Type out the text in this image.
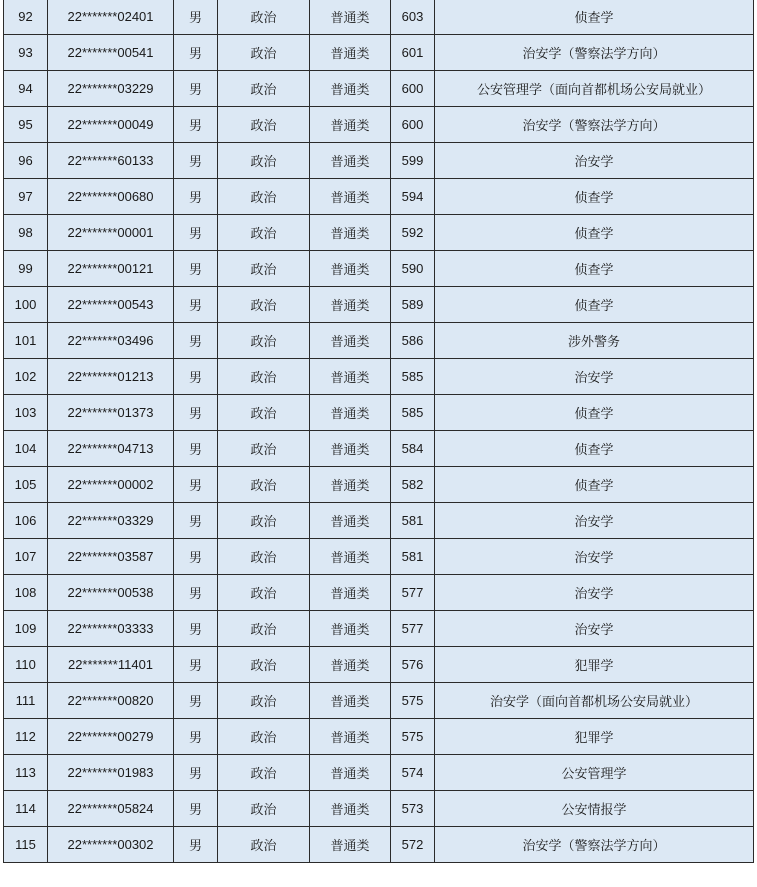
92	22*******02401	男	政治	普通类	603	侦查学
93	22*******00541	男	政治	普通类	601	治安学（警察法学方向）
94	22*******03229	男	政治	普通类	600	公安管理学（面向首都机场公安局就业）
95	22*******00049	男	政治	普通类	600	治安学（警察法学方向）
96	22*******60133	男	政治	普通类	599	治安学
97	22*******00680	男	政治	普通类	594	侦查学
98	22*******00001	男	政治	普通类	592	侦查学
99	22*******00121	男	政治	普通类	590	侦查学
100	22*******00543	男	政治	普通类	589	侦查学
101	22*******03496	男	政治	普通类	586	涉外警务
102	22*******01213	男	政治	普通类	585	治安学
103	22*******01373	男	政治	普通类	585	侦查学
104	22*******04713	男	政治	普通类	584	侦查学
105	22*******00002	男	政治	普通类	582	侦查学
106	22*******03329	男	政治	普通类	581	治安学
107	22*******03587	男	政治	普通类	581	治安学
108	22*******00538	男	政治	普通类	577	治安学
109	22*******03333	男	政治	普通类	577	治安学
110	22*******11401	男	政治	普通类	576	犯罪学
111	22*******00820	男	政治	普通类	575	治安学（面向首都机场公安局就业）
112	22*******00279	男	政治	普通类	575	犯罪学
113	22*******01983	男	政治	普通类	574	公安管理学
114	22*******05824	男	政治	普通类	573	公安情报学
115	22*******00302	男	政治	普通类	572	治安学（警察法学方向）
